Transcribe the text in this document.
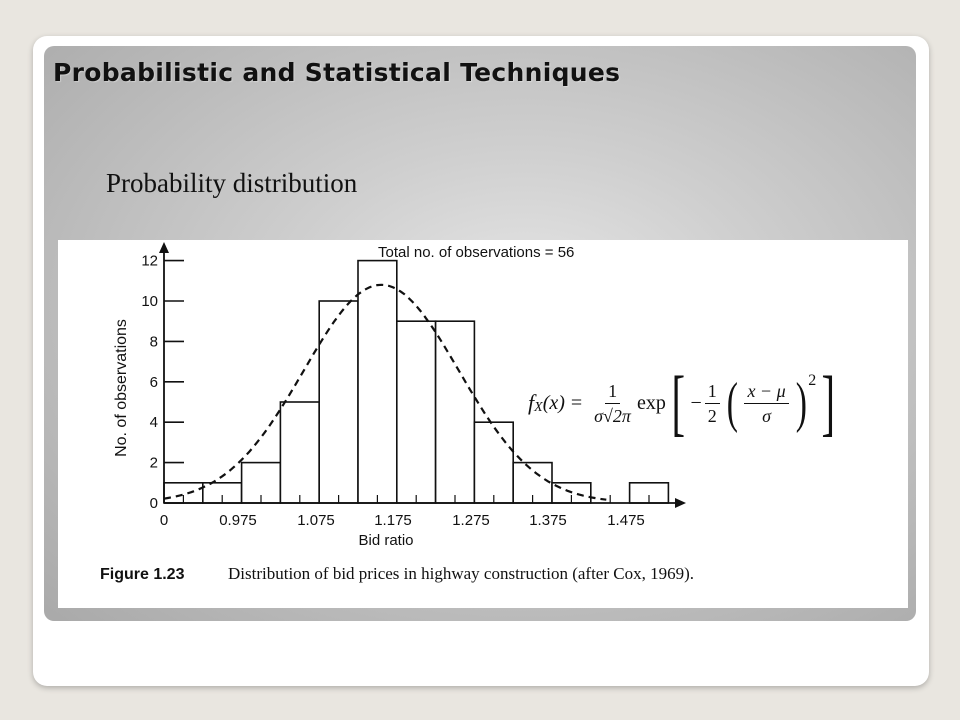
Probabilistic and Statistical Techniques
Probability distribution
0
2
4
6
8
10
12
0	0.975	1.075	1.175	1.275	1.375	1.475
Bid ratio
No. of observations
Total no. of observations = 56
f X $(x) = \frac{1}{\sigma√2\pi}$ exp [ − $\frac{1}{2}$ ( $\frac{x - \mu}{\sigma}$ ) 2 ]
Figure 1.23	Distribution of bid prices in highway construction (after Cox, 1969).
